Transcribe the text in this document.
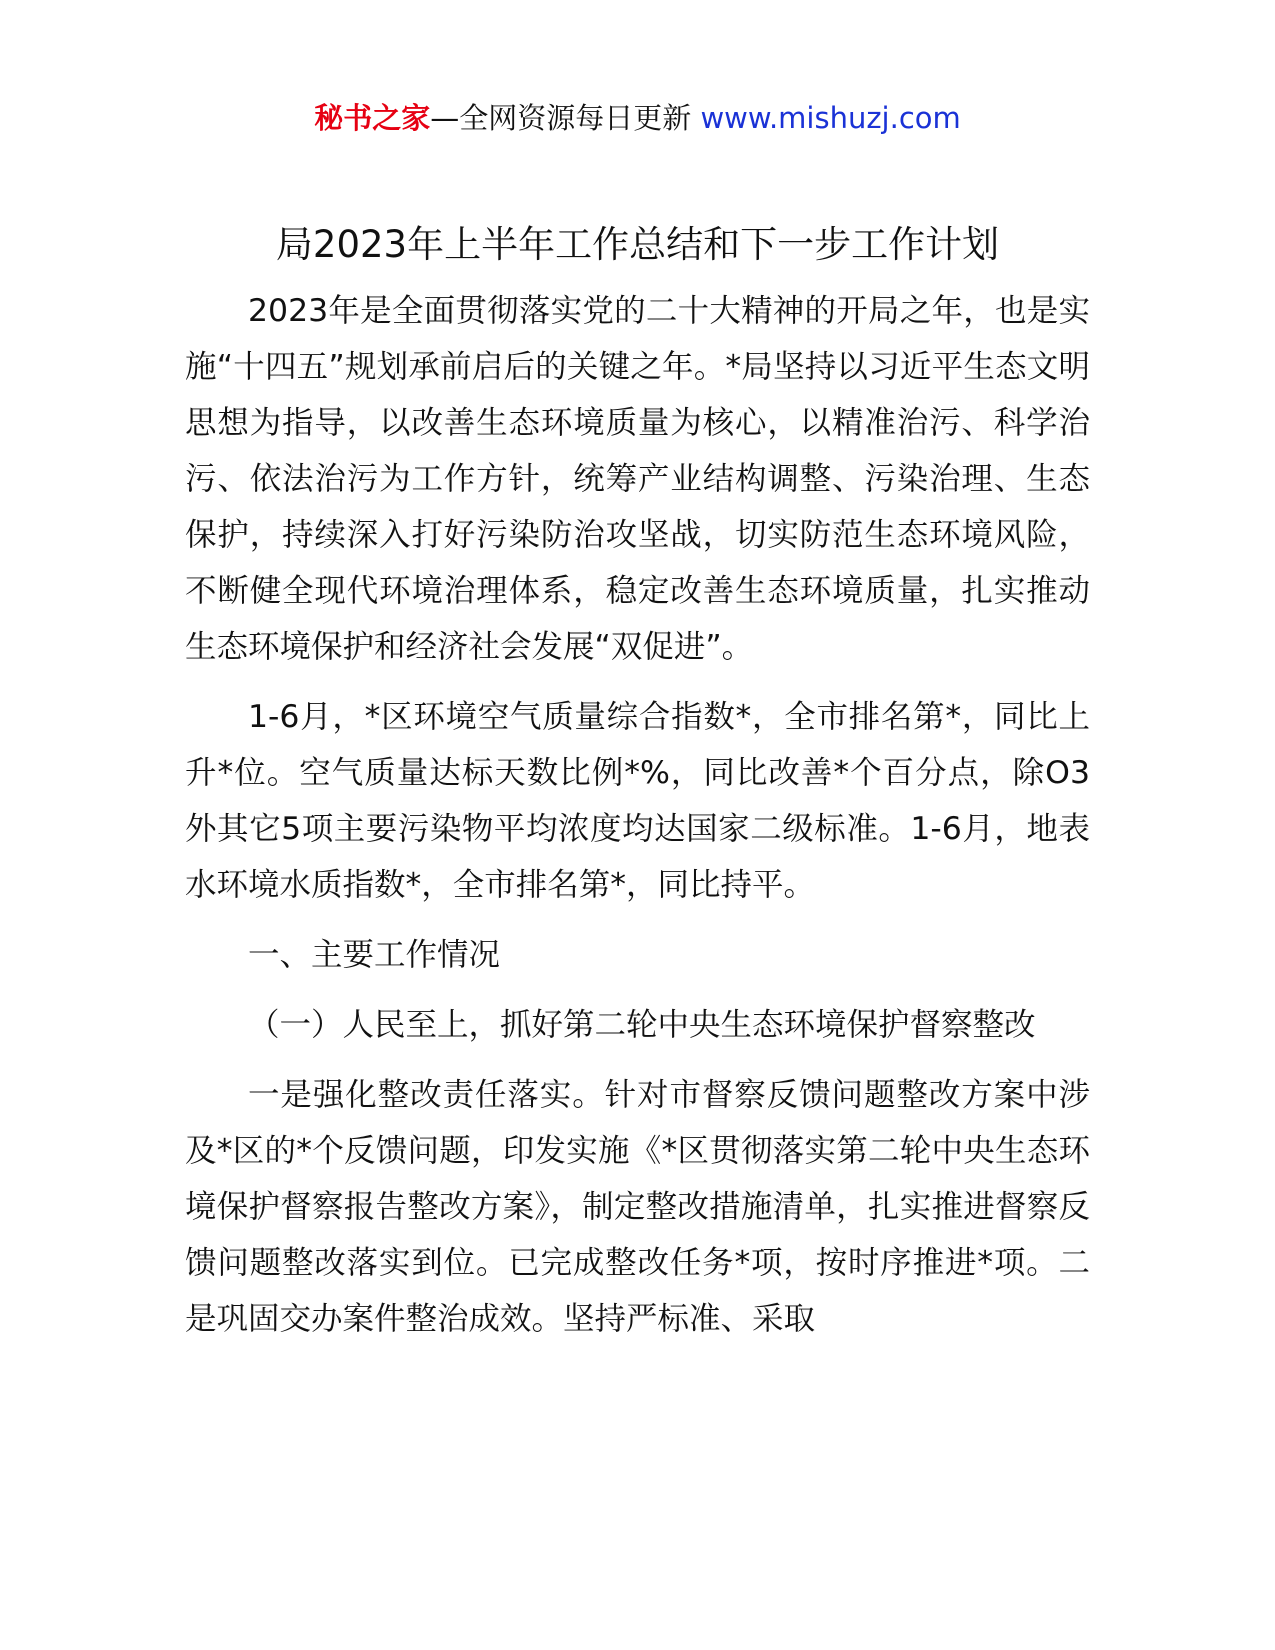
秘书之家—全网资源每日更新 www.mishuzj.com
局2023年上半年工作总结和下一步工作计划

2023年是全面贯彻落实党的二十大精神的开局之年，也是实施“十四五”规划承前启后的关键之年。*局坚持以习近平生态文明思想为指导，以改善生态环境质量为核心，以精准治污、科学治污、依法治污为工作方针，统筹产业结构调整、污染治理、生态保护，持续深入打好污染防治攻坚战，切实防范生态环境风险，不断健全现代环境治理体系，稳定改善生态环境质量，扎实推动生态环境保护和经济社会发展“双促进”。

1-6月，*区环境空气质量综合指数*，全市排名第*，同比上升*位。空气质量达标天数比例*%，同比改善*个百分点，除O3外其它5项主要污染物平均浓度均达国家二级标准。1-6月，地表水环境水质指数*，全市排名第*，同比持平。

一、主要工作情况

（一）人民至上，抓好第二轮中央生态环境保护督察整改

一是强化整改责任落实。针对市督察反馈问题整改方案中涉及*区的*个反馈问题，印发实施《*区贯彻落实第二轮中央生态环境保护督察报告整改方案》，制定整改措施清单，扎实推进督察反馈问题整改落实到位。已完成整改任务*项，按时序推进*项。二是巩固交办案件整治成效。坚持严标准、采取
